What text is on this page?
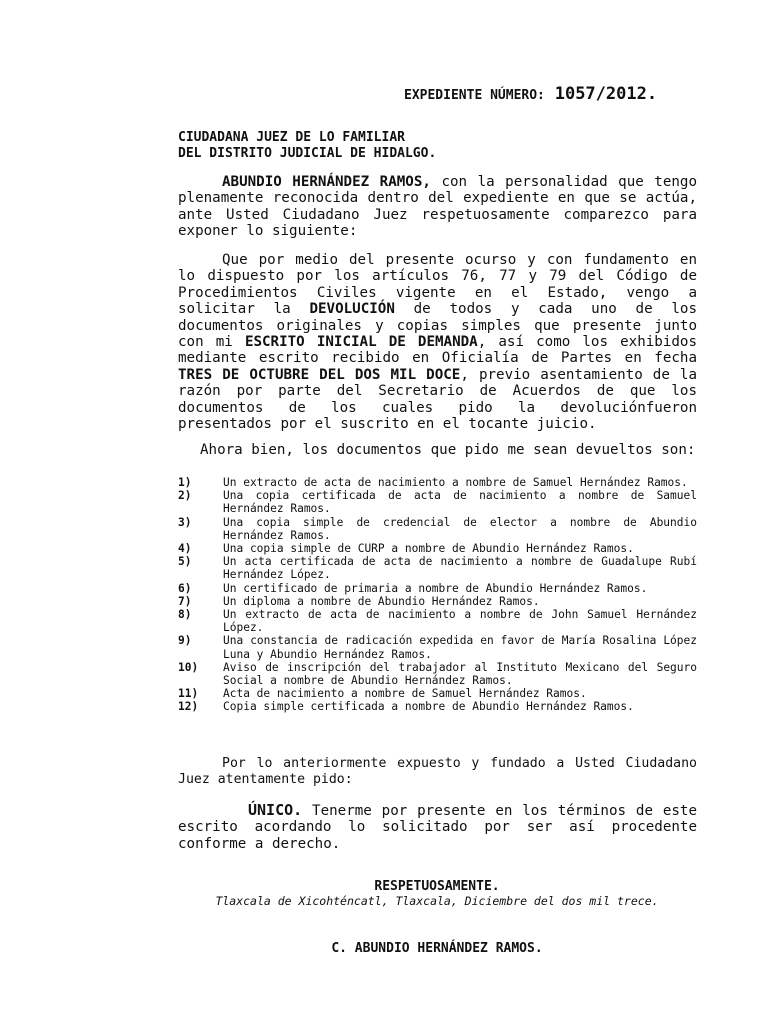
EXPEDIENTE NÚMERO: 1057/2012.
CIUDADANA JUEZ DE LO FAMILIAR
DEL DISTRITO JUDICIAL DE HIDALGO.
ABUNDIO HERNÁNDEZ RAMOS, con la personalidad que tengo plenamente reconocida dentro del expediente en que se actúa, ante Usted Ciudadano Juez respetuosamente comparezco para exponer lo siguiente:
Que por medio del presente ocurso y con fundamento en lo dispuesto por los artículos 76, 77 y 79 del Código de Procedimientos Civiles vigente en el Estado, vengo a solicitar la DEVOLUCIÓN de todos y cada uno de los documentos originales y copias simples que presente junto con mi ESCRITO INICIAL DE DEMANDA, así como los exhibidos mediante escrito recibido en Oficialía de Partes en fecha TRES DE OCTUBRE DEL DOS MIL DOCE, previo asentamiento de la razón por parte del Secretario de Acuerdos de que los documentos de los cuales pido la devoluciónfueron presentados por el suscrito en el tocante juicio.
Ahora bien, los documentos que pido me sean devueltos son:
1)	Un extracto de acta de nacimiento a nombre de Samuel Hernández Ramos.
2)	Una copia certificada de acta de nacimiento a nombre de Samuel Hernández Ramos.
3)	Una copia simple de credencial de elector a nombre de Abundio Hernández Ramos.
4)	Una copia simple de CURP a nombre de Abundio Hernández Ramos.
5)	Un acta certificada de acta de nacimiento a nombre de Guadalupe Rubí Hernández López.
6)	Un certificado de primaria a nombre de Abundio Hernández Ramos.
7)	Un diploma a nombre de Abundio Hernández Ramos.
8)	Un extracto de acta de nacimiento a nombre de John Samuel Hernández López.
9)	Una constancia de radicación expedida en favor de María Rosalina López Luna y Abundio Hernández Ramos.
10)	Aviso de inscripción del trabajador al Instituto Mexicano del Seguro Social a nombre de Abundio Hernández Ramos.
11)	Acta de nacimiento a nombre de Samuel Hernández Ramos.
12)	Copia simple certificada a nombre de Abundio Hernández Ramos.
Por lo anteriormente expuesto y fundado a Usted Ciudadano Juez atentamente pido:
ÚNICO. Tenerme por presente en los términos de este escrito acordando lo solicitado por ser así procedente conforme a derecho.
RESPETUOSAMENTE.
Tlaxcala de Xicohténcatl, Tlaxcala, Diciembre del dos mil trece.
C. ABUNDIO HERNÁNDEZ RAMOS.
